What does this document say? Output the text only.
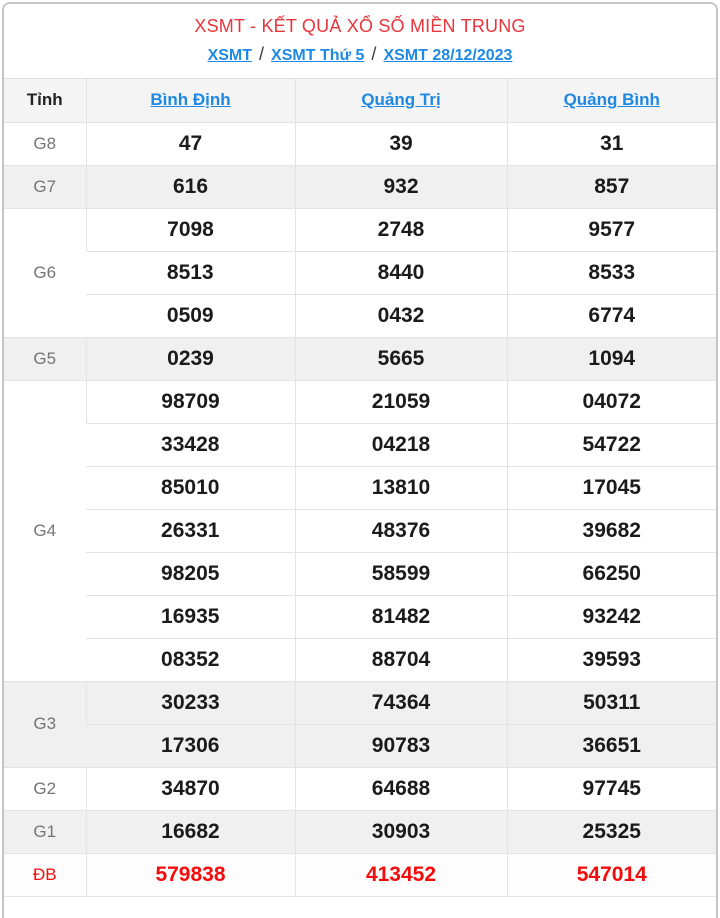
XSMT - KẾT QUẢ XỔ SỐ MIỀN TRUNG
XSMT / XSMT Thứ 5 / XSMT 28/12/2023
Tỉnh	Bình Định	Quảng Trị	Quảng Bình
G8	47	39	31
G7	616	932	857
G6	7098	2748	9577
	8513	8440	8533
	0509	0432	6774
G5	0239	5665	1094
G4	98709	21059	04072
	33428	04218	54722
	85010	13810	17045
	26331	48376	39682
	98205	58599	66250
	16935	81482	93242
	08352	88704	39593
G3	30233	74364	50311
	17306	90783	36651
G2	34870	64688	97745
G1	16682	30903	25325
ĐB	579838	413452	547014
